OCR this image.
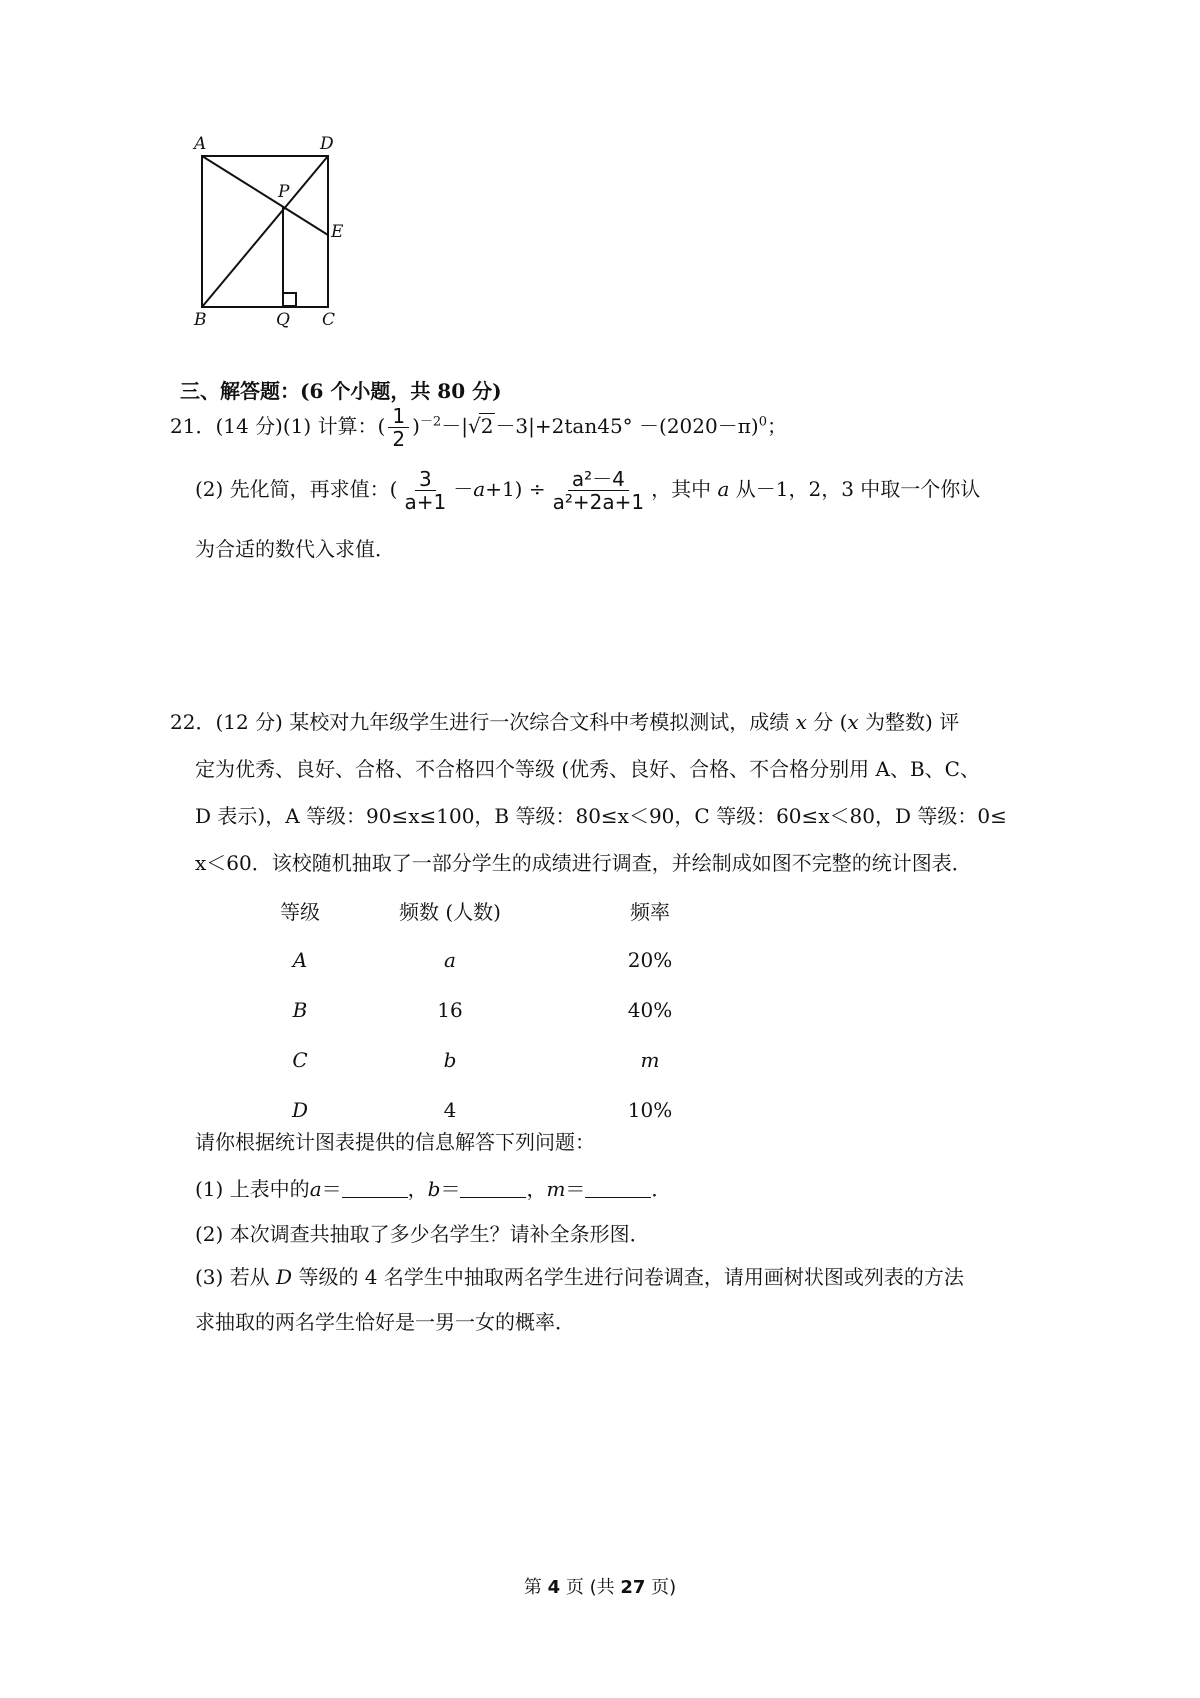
A	D
P
E
B	Q C
三、解答题：(6 个小题，共 80 分)
21．(14 分)(1) 计算：( $\frac{1}{2} )^{-2}-|√2 -3|+2\tan 45^\circ -(2020-\pi)^0$；
(2) 先化简，再求值：( $\frac{3}{a+1} -a+1) \div \frac{\text{a²－4}}{\text{a²+2a+1}}$ ，其中 a 从－1，2，3 中取一个你认
为合适的数代入求值．
22．(12 分) 某校对九年级学生进行一次综合文科中考模拟测试，成绩 x 分 (x 为整数) 评
定为优秀、良好、合格、不合格四个等级 (优秀、良好、合格、不合格分别用 A、B、C、
D 表示)，A 等级：90≤x≤100，B 等级：80≤x＜90，C 等级：60≤x＜80，D 等级：0≤
x＜60．该校随机抽取了一部分学生的成绩进行调查，并绘制成如图不完整的统计图表．
等级	频数 (人数)	频率
A	a	20%
B	16	40%
C	b	m
D	4	10%
请你根据统计图表提供的信息解答下列问题：
(1) 上表中的a＝	，b＝	，m＝	．
(2) 本次调查共抽取了多少名学生？请补全条形图．
(3) 若从 D 等级的 4 名学生中抽取两名学生进行问卷调查，请用画树状图或列表的方法
求抽取的两名学生恰好是一男一女的概率．
第 4 页 (共 27 页)
